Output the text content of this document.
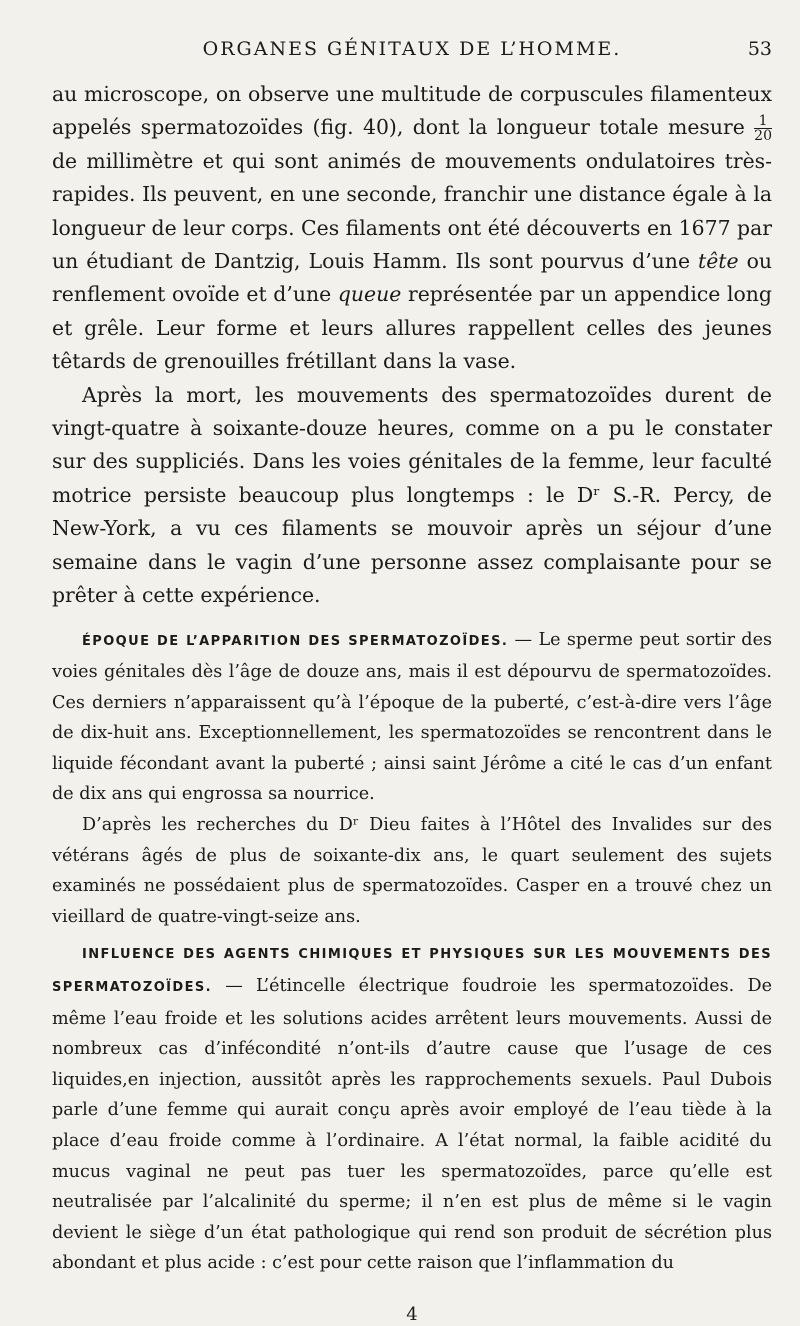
ORGANES GÉNITAUX DE L’HOMME.	53

au microscope, on observe une multitude de corpuscules filamenteux appelés spermatozoïdes (fig. 40), dont la longueur totale mesure $\frac{1}{20}$
de millimètre et qui sont animés de mouvements ondulatoires très-rapides. Ils peuvent, en une seconde, franchir une distance égale à la longueur de leur corps. Ces filaments ont été découverts en 1677 par un étudiant de Dantzig, Louis Hamm. Ils sont pourvus d’une tête ou renflement ovoïde et d’une queue représentée par un appendice long et grêle. Leur forme et leurs allures rappellent celles des jeunes têtards de grenouilles frétillant dans la vase.

Après la mort, les mouvements des spermatozoïdes durent de vingt-quatre à soixante-douze heures, comme on a pu le constater sur des suppliciés. Dans les voies génitales de la femme, leur faculté motrice persiste beaucoup plus longtemps : le Dʳ S.-R. Percy, de New-York, a vu ces filaments se mouvoir après un séjour d’une semaine dans le vagin d’une personne assez complaisante pour se prêter à cette expérience.

ÉPOQUE DE L’APPARITION DES SPERMATOZOÏDES. — Le sperme peut sortir des voies génitales dès l’âge de douze ans, mais il est dépourvu de spermatozoïdes. Ces derniers n’apparaissent qu’à l’époque de la puberté, c’est-à-dire vers l’âge de dix-huit ans. Exceptionnellement, les spermatozoïdes se rencontrent dans le liquide fécondant avant la puberté ; ainsi saint Jérôme a cité le cas d’un enfant de dix ans qui engrossa sa nourrice.

D’après les recherches du Dʳ Dieu faites à l’Hôtel des Invalides sur des vétérans âgés de plus de soixante-dix ans, le quart seulement des sujets examinés ne possédaient plus de spermatozoïdes. Casper en a trouvé chez un vieillard de quatre-vingt-seize ans.

INFLUENCE DES AGENTS CHIMIQUES ET PHYSIQUES SUR LES MOUVEMENTS DES SPERMATOZOÏDES. — L’étincelle électrique foudroie les spermatozoïdes. De même l’eau froide et les solutions acides arrêtent leurs mouvements. Aussi de nombreux cas d’infécondité n’ont-ils d’autre cause que l’usage de ces liquides,en injection, aussitôt après les rapprochements sexuels. Paul Dubois parle d’une femme qui aurait conçu après avoir employé de l’eau tiède à la place d’eau froide comme à l’ordinaire. A l’état normal, la faible acidité du mucus vaginal ne peut pas tuer les spermatozoïdes, parce qu’elle est neutralisée par l’alcalinité du sperme; il n’en est plus de même si le vagin devient le siège d’un état pathologique qui rend son produit de sécrétion plus abondant et plus acide : c’est pour cette raison que l’inflammation du

4
